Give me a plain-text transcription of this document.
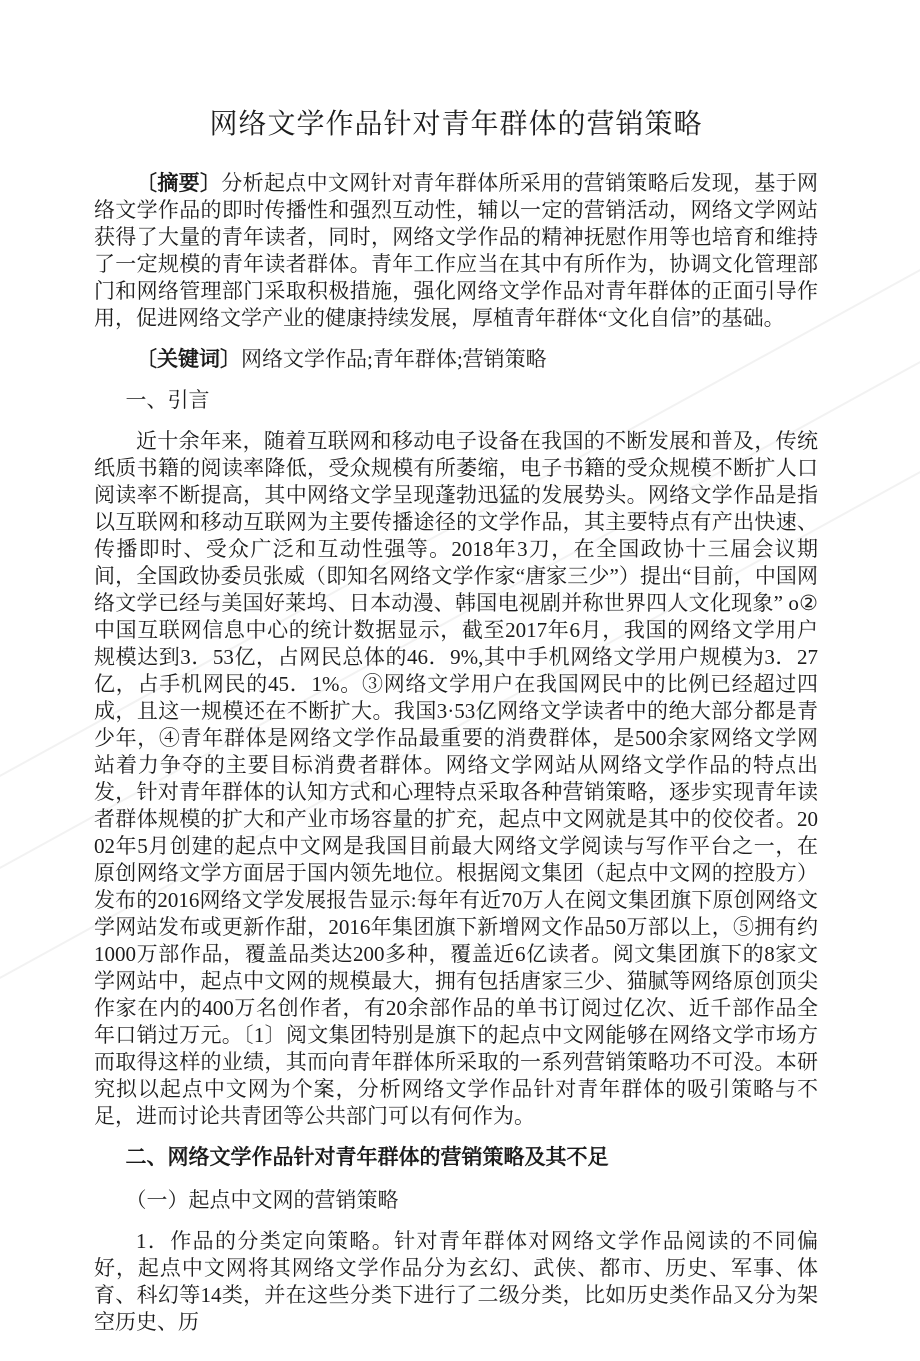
网络文学作品针对青年群体的营销策略

〔摘要〕分析起点中文网针对青年群体所采用的营销策略后发现，基于网络文学作品的即时传播性和强烈互动性，辅以一定的营销活动，网络文学网站获得了大量的青年读者，同时，网络文学作品的精神抚慰作用等也培育和维持了一定规模的青年读者群体。青年工作应当在其中有所作为，协调文化管理部门和网络管理部门采取积极措施，强化网络文学作品对青年群体的正面引导作用，促进网络文学产业的健康持续发展，厚植青年群体“文化自信”的基础。

〔关键词〕网络文学作品;青年群体;营销策略

一、引言

近十余年来，随着互联网和移动电子设备在我国的不断发展和普及，传统纸质书籍的阅读率降低，受众规模有所萎缩，电子书籍的受众规模不断扩人口阅读率不断提高，其中网络文学呈现蓬勃迅猛的发展势头。网络文学作品是指以互联网和移动互联网为主要传播途径的文学作品，其主要特点有产出快速、传播即时、受众广泛和互动性强等。2018年3刀，在全国政协十三届会议期间，全国政协委员张威（即知名网络文学作家“唐家三少”）提出“目前，中国网络文学已经与美国好莱坞、日本动漫、韩国电视剧并称世界四人文化现象” o②中国互联网信息中心的统计数据显示，截至2017年6月，我国的网络文学用户规模达到3．53亿，占网民总体的46．9%,其中手机网络文学用户规模为3．27亿，占手机网民的45．1%。③网络文学用户在我国网民中的比例已经超过四成，且这一规模还在不断扩大。我国3·53亿网络文学读者中的绝大部分都是青少年，④青年群体是网络文学作品最重要的消费群体，是500余家网络文学网站着力争夺的主要目标消费者群体。网络文学网站从网络文学作品的特点出发，针对青年群体的认知方式和心理特点采取各种营销策略，逐步实现青年读者群体规模的扩大和产业市场容量的扩充，起点中文网就是其中的佼佼者。2002年5月创建的起点中文网是我国目前最大网络文学阅读与写作平台之一，在原创网络文学方面居于国内领先地位。根据阅文集团（起点中文网的控股方）发布的2016网络文学发展报告显示:每年有近70万人在阅文集团旗下原创网络文学网站发布或更新作甜，2016年集团旗下新增网文作品50万部以上，⑤拥有约1000万部作品，覆盖品类达200多种，覆盖近6亿读者。阅文集团旗下的8家文学网站中，起点中文网的规模最大，拥有包括唐家三少、猫腻等网络原创顶尖作家在内的400万名创作者，有20余部作品的单书订阅过亿次、近千部作品全年口销过万元。〔1〕阅文集团特别是旗下的起点中文网能够在网络文学市场方而取得这样的业绩，其而向青年群体所采取的一系列营销策略功不可没。本研究拟以起点中文网为个案，分析网络文学作品针对青年群体的吸引策略与不足，进而讨论共青团等公共部门可以有何作为。

二、网络文学作品针对青年群体的营销策略及其不足
（一）起点中文网的营销策略

1．作品的分类定向策略。针对青年群体对网络文学作品阅读的不同偏好，起点中文网将其网络文学作品分为玄幻、武侠、都市、历史、军事、体育、科幻等14类，并在这些分类下进行了二级分类，比如历史类作品又分为架空历史、历
